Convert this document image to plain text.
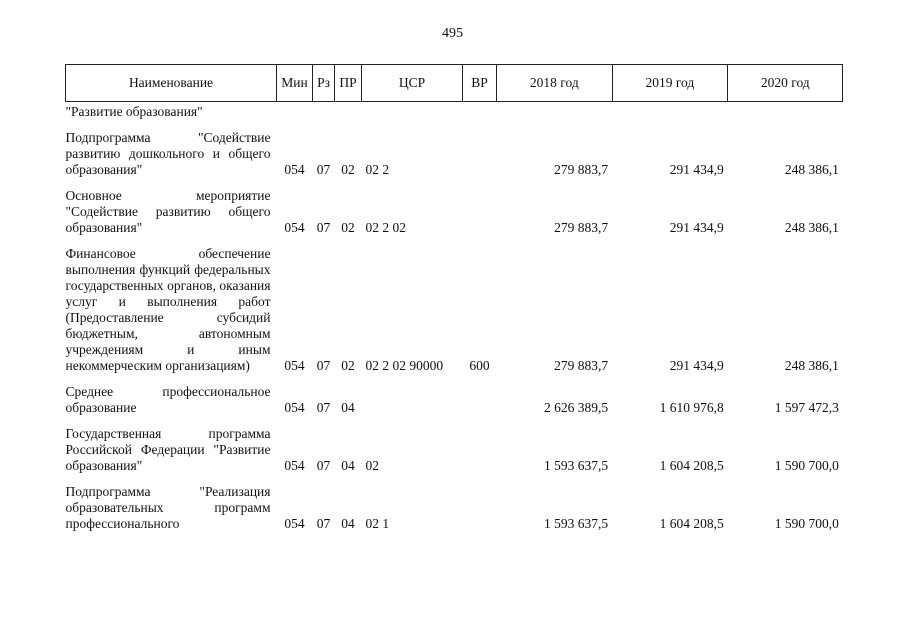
495
Наименование	Мин	Рз	ПР	ЦСР	ВР	2018 год	2019 год	2020 год
"Развитие образования"								
Подпрограмма "Содействие развитию дошкольного и общего образования"	054	07	02	02 2		279 883,7	291 434,9	248 386,1
Основное мероприятие "Содействие развитию общего образования"	054	07	02	02 2 02		279 883,7	291 434,9	248 386,1
Финансовое обеспечение выполнения функций федеральных государственных органов, оказания услуг и выполнения работ (Предоставление субсидий бюджетным, автономным учреждениям и иным некоммерческим организациям)	054	07	02	02 2 02 90000	600	279 883,7	291 434,9	248 386,1
Среднее профессиональное образование	054	07	04			2 626 389,5	1 610 976,8	1 597 472,3
Государственная программа Российской Федерации "Развитие образования"	054	07	04	02		1 593 637,5	1 604 208,5	1 590 700,0
Подпрограмма "Реализация образовательных программ профессионального	054	07	04	02 1		1 593 637,5	1 604 208,5	1 590 700,0
